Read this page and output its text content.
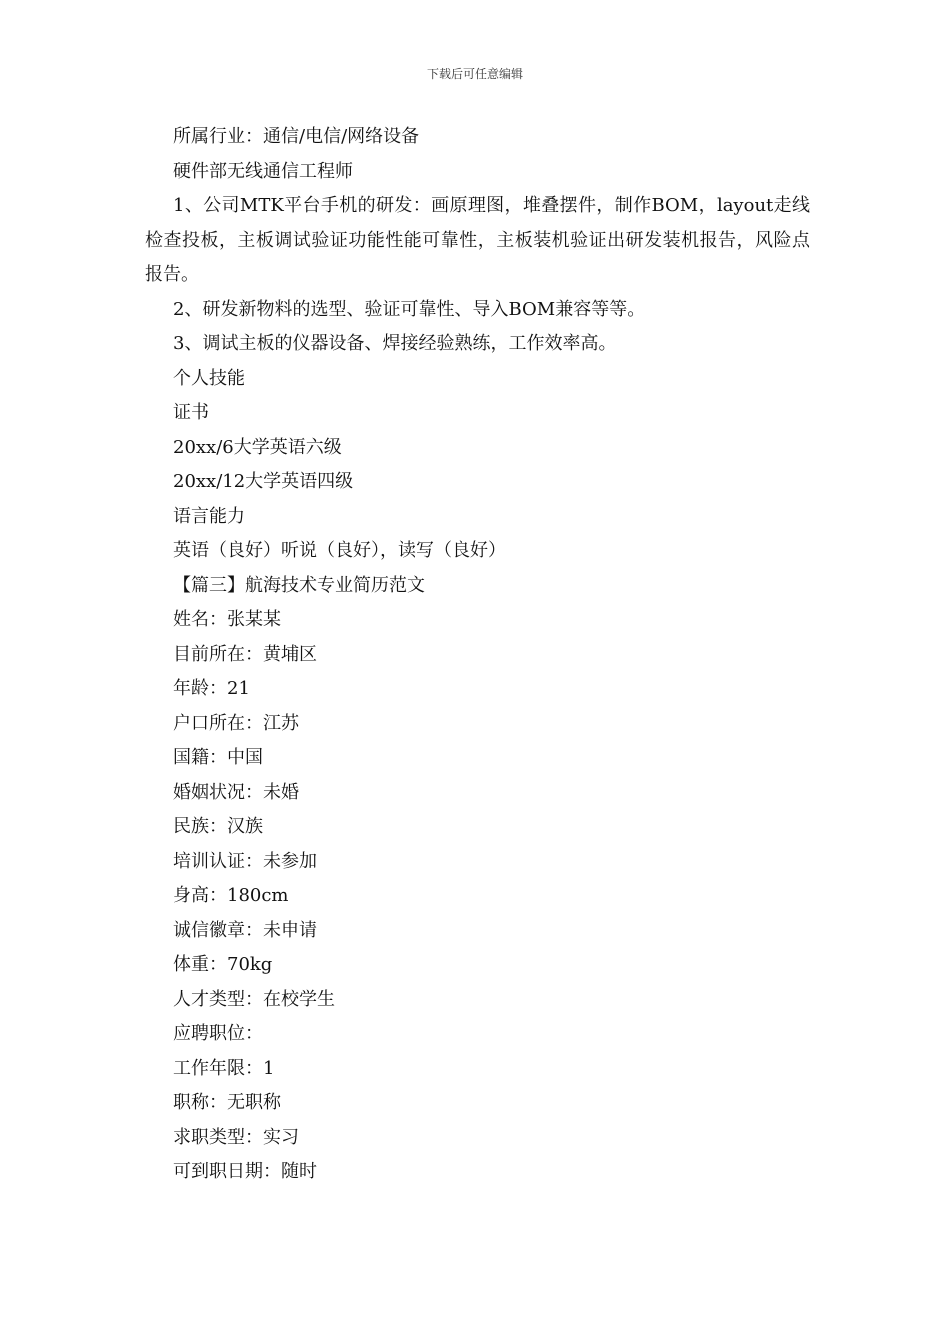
下载后可任意编辑

所属行业：通信/电信/网络设备

硬件部无线通信工程师

1、公司MTK平台手机的研发：画原理图，堆叠摆件，制作BOM，layout走线检查投板，主板调试验证功能性能可靠性，主板装机验证出研发装机报告，风险点报告。

2、研发新物料的选型、验证可靠性、导入BOM兼容等等。

3、调试主板的仪器设备、焊接经验熟练，工作效率高。

个人技能

证书

20xx/6大学英语六级

20xx/12大学英语四级

语言能力

英语（良好）听说（良好），读写（良好）

【篇三】航海技术专业简历范文

姓名：张某某

目前所在：黄埔区

年龄：21

户口所在：江苏

国籍：中国

婚姻状况：未婚

民族：汉族

培训认证：未参加

身高：180cm

诚信徽章：未申请

体重：70kg

人才类型：在校学生

应聘职位：

工作年限：1

职称：无职称

求职类型：实习

可到职日期：随时
